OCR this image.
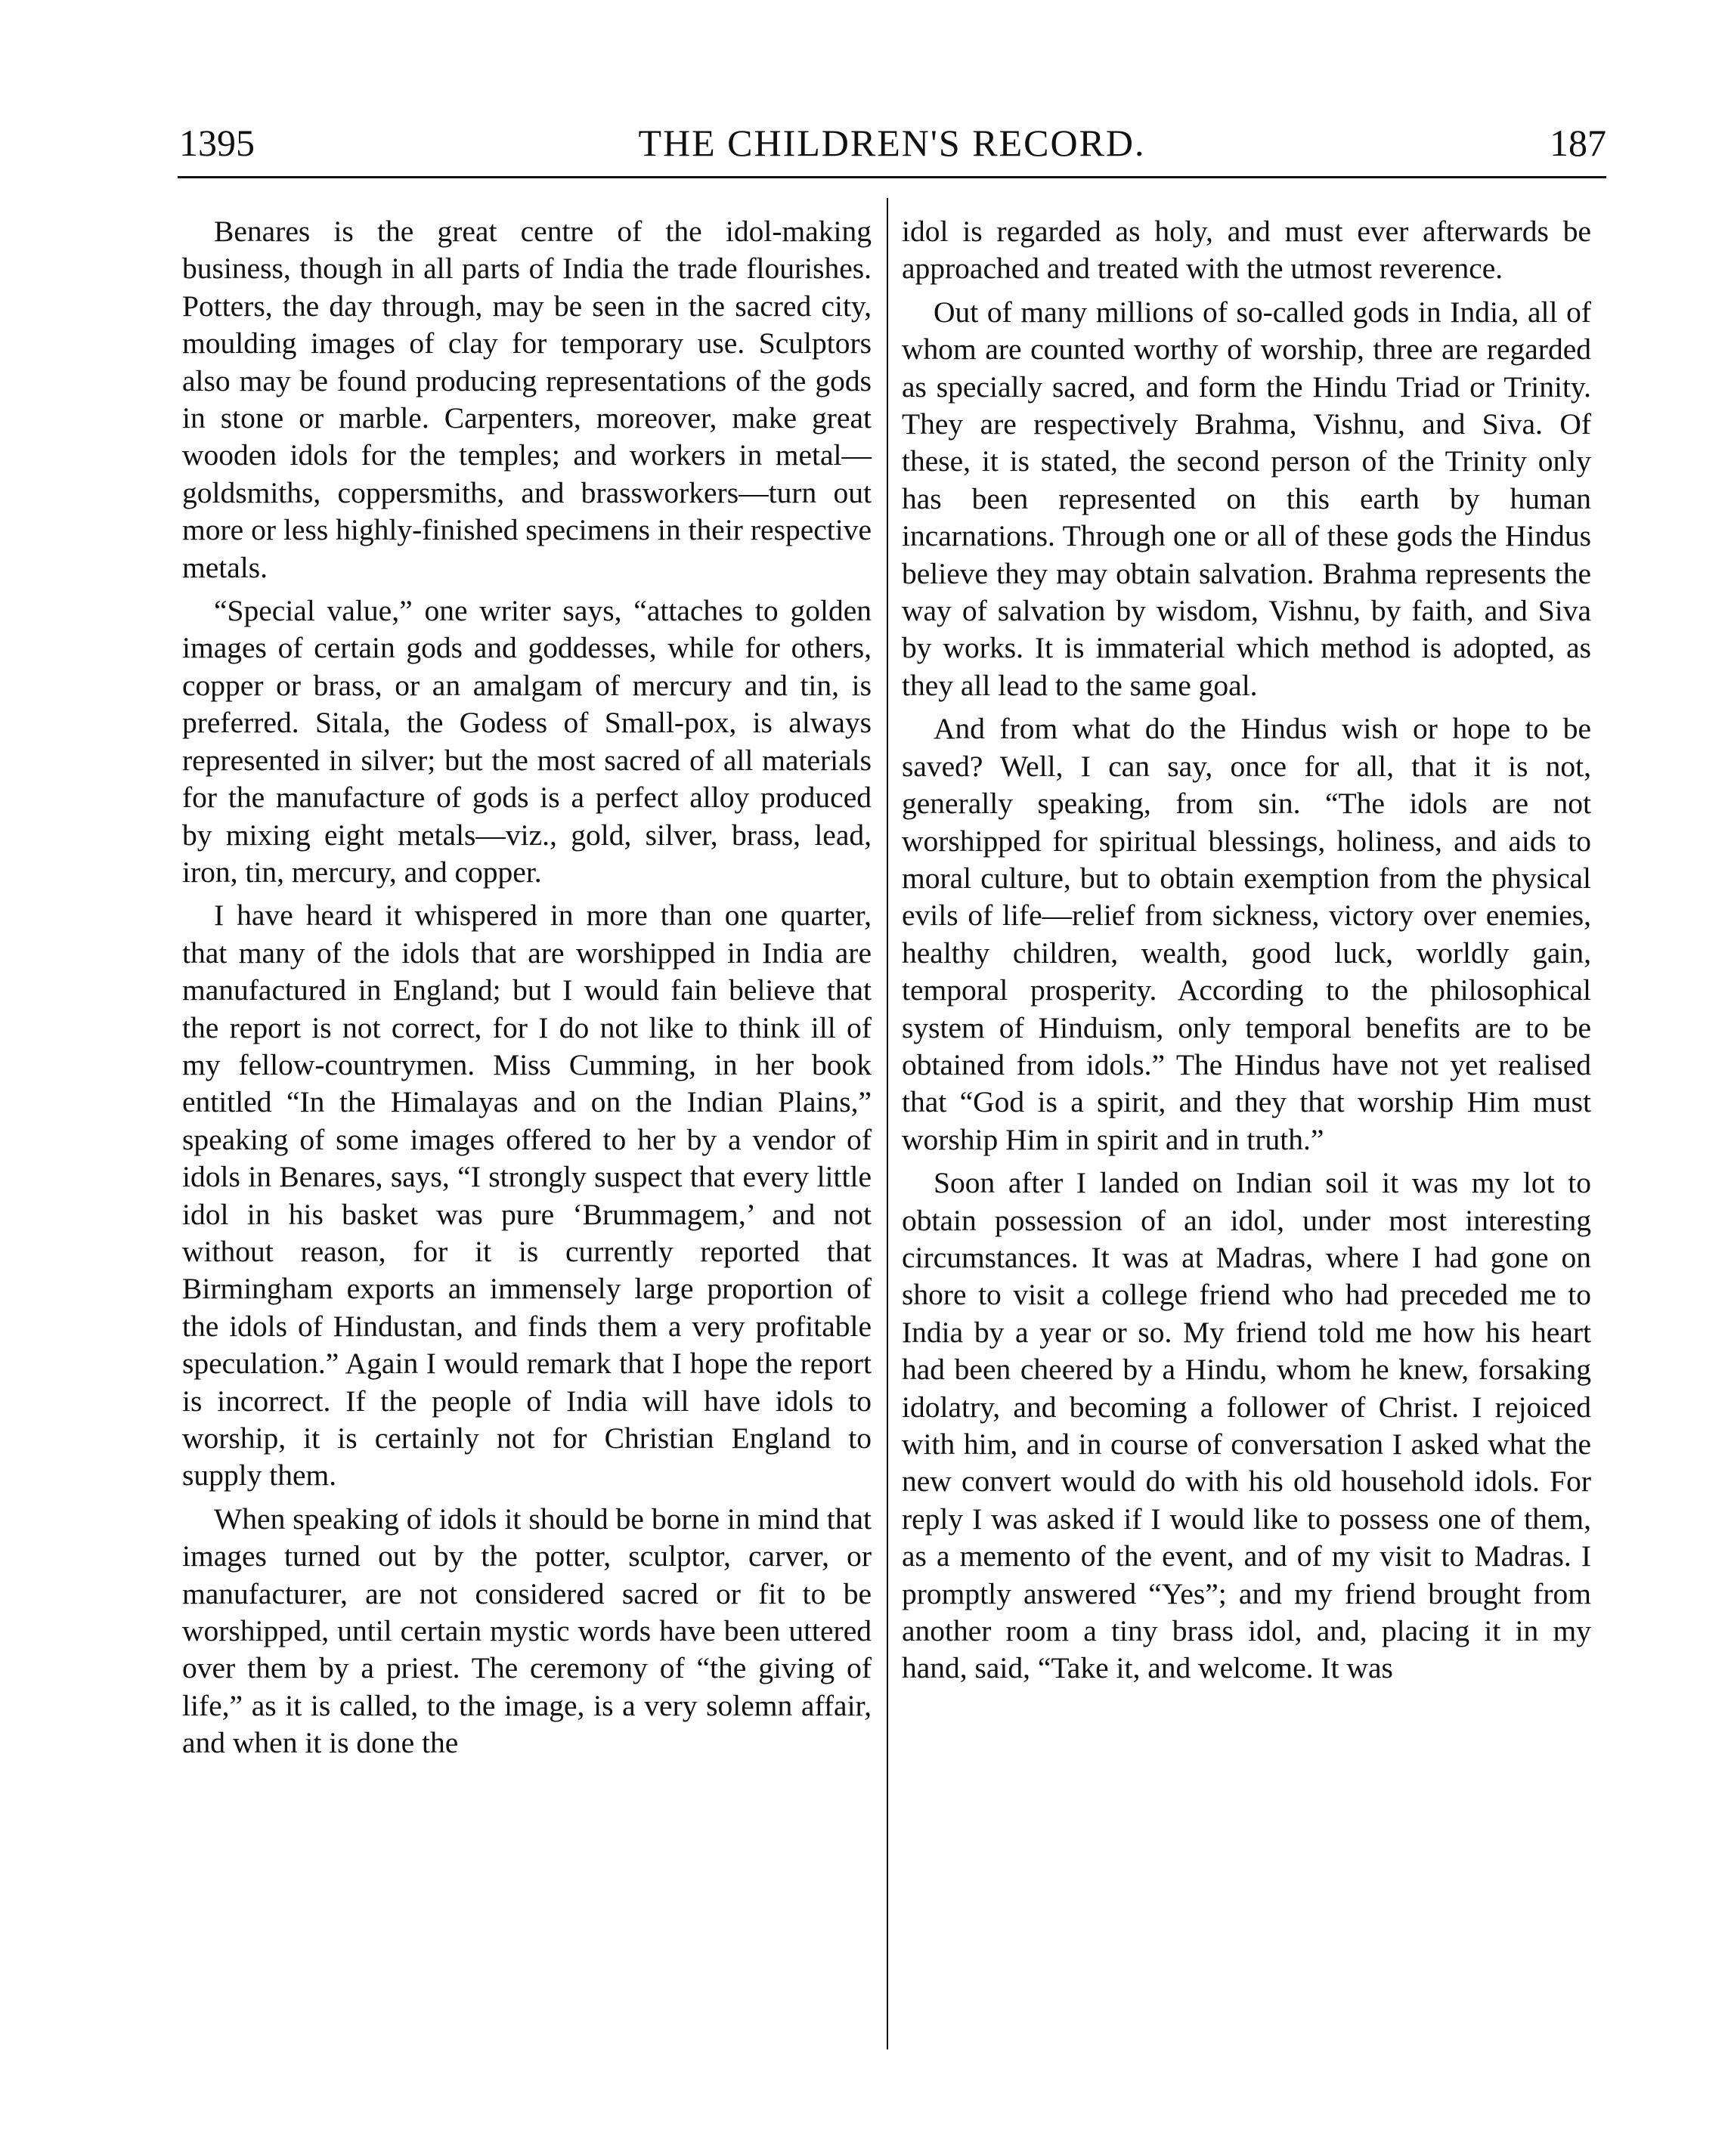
1395	THE CHILDREN'S RECORD.	187

Benares is the great centre of the idol-making business, though in all parts of India the trade flourishes. Potters, the day through, may be seen in the sacred city, moulding images of clay for temporary use. Sculptors also may be found producing representations of the gods in stone or marble. Carpenters, moreover, make great wooden idols for the temples; and workers in metal—goldsmiths, coppersmiths, and brassworkers—turn out more or less highly-finished specimens in their respective metals.

“Special value,” one writer says, “attaches to golden images of certain gods and goddesses, while for others, copper or brass, or an amalgam of mercury and tin, is preferred. Sitala, the Godess of Small-pox, is always represented in silver; but the most sacred of all materials for the manufacture of gods is a perfect alloy produced by mixing eight metals—viz., gold, silver, brass, lead, iron, tin, mercury, and copper.

I have heard it whispered in more than one quarter, that many of the idols that are worshipped in India are manufactured in England; but I would fain believe that the report is not correct, for I do not like to think ill of my fellow-countrymen. Miss Cumming, in her book entitled “In the Himalayas and on the Indian Plains,” speaking of some images offered to her by a vendor of idols in Benares, says, “I strongly suspect that every little idol in his basket was pure ‘Brummagem,’ and not without reason, for it is currently reported that Birmingham exports an immensely large proportion of the idols of Hindustan, and finds them a very profitable speculation.” Again I would remark that I hope the report is incorrect. If the people of India will have idols to worship, it is certainly not for Christian England to supply them.

When speaking of idols it should be borne in mind that images turned out by the potter, sculptor, carver, or manufacturer, are not considered sacred or fit to be worshipped, until certain mystic words have been uttered over them by a priest. The ceremony of “the giving of life,” as it is called, to the image, is a very solemn affair, and when it is done the

idol is regarded as holy, and must ever afterwards be approached and treated with the utmost reverence.

Out of many millions of so-called gods in India, all of whom are counted worthy of worship, three are regarded as specially sacred, and form the Hindu Triad or Trinity. They are respectively Brahma, Vishnu, and Siva. Of these, it is stated, the second person of the Trinity only has been represented on this earth by human incarnations. Through one or all of these gods the Hindus believe they may obtain salvation. Brahma represents the way of salvation by wisdom, Vishnu, by faith, and Siva by works. It is immaterial which method is adopted, as they all lead to the same goal.

And from what do the Hindus wish or hope to be saved? Well, I can say, once for all, that it is not, generally speaking, from sin. “The idols are not worshipped for spiritual blessings, holiness, and aids to moral culture, but to obtain exemption from the physical evils of life—relief from sickness, victory over enemies, healthy children, wealth, good luck, worldly gain, temporal prosperity. According to the philosophical system of Hinduism, only temporal benefits are to be obtained from idols.” The Hindus have not yet realised that “God is a spirit, and they that worship Him must worship Him in spirit and in truth.”

Soon after I landed on Indian soil it was my lot to obtain possession of an idol, under most interesting circumstances. It was at Madras, where I had gone on shore to visit a college friend who had preceded me to India by a year or so. My friend told me how his heart had been cheered by a Hindu, whom he knew, forsaking idolatry, and becoming a follower of Christ. I rejoiced with him, and in course of conversation I asked what the new convert would do with his old household idols. For reply I was asked if I would like to possess one of them, as a memento of the event, and of my visit to Madras. I promptly answered “Yes”; and my friend brought from another room a tiny brass idol, and, placing it in my hand, said, “Take it, and welcome. It was
